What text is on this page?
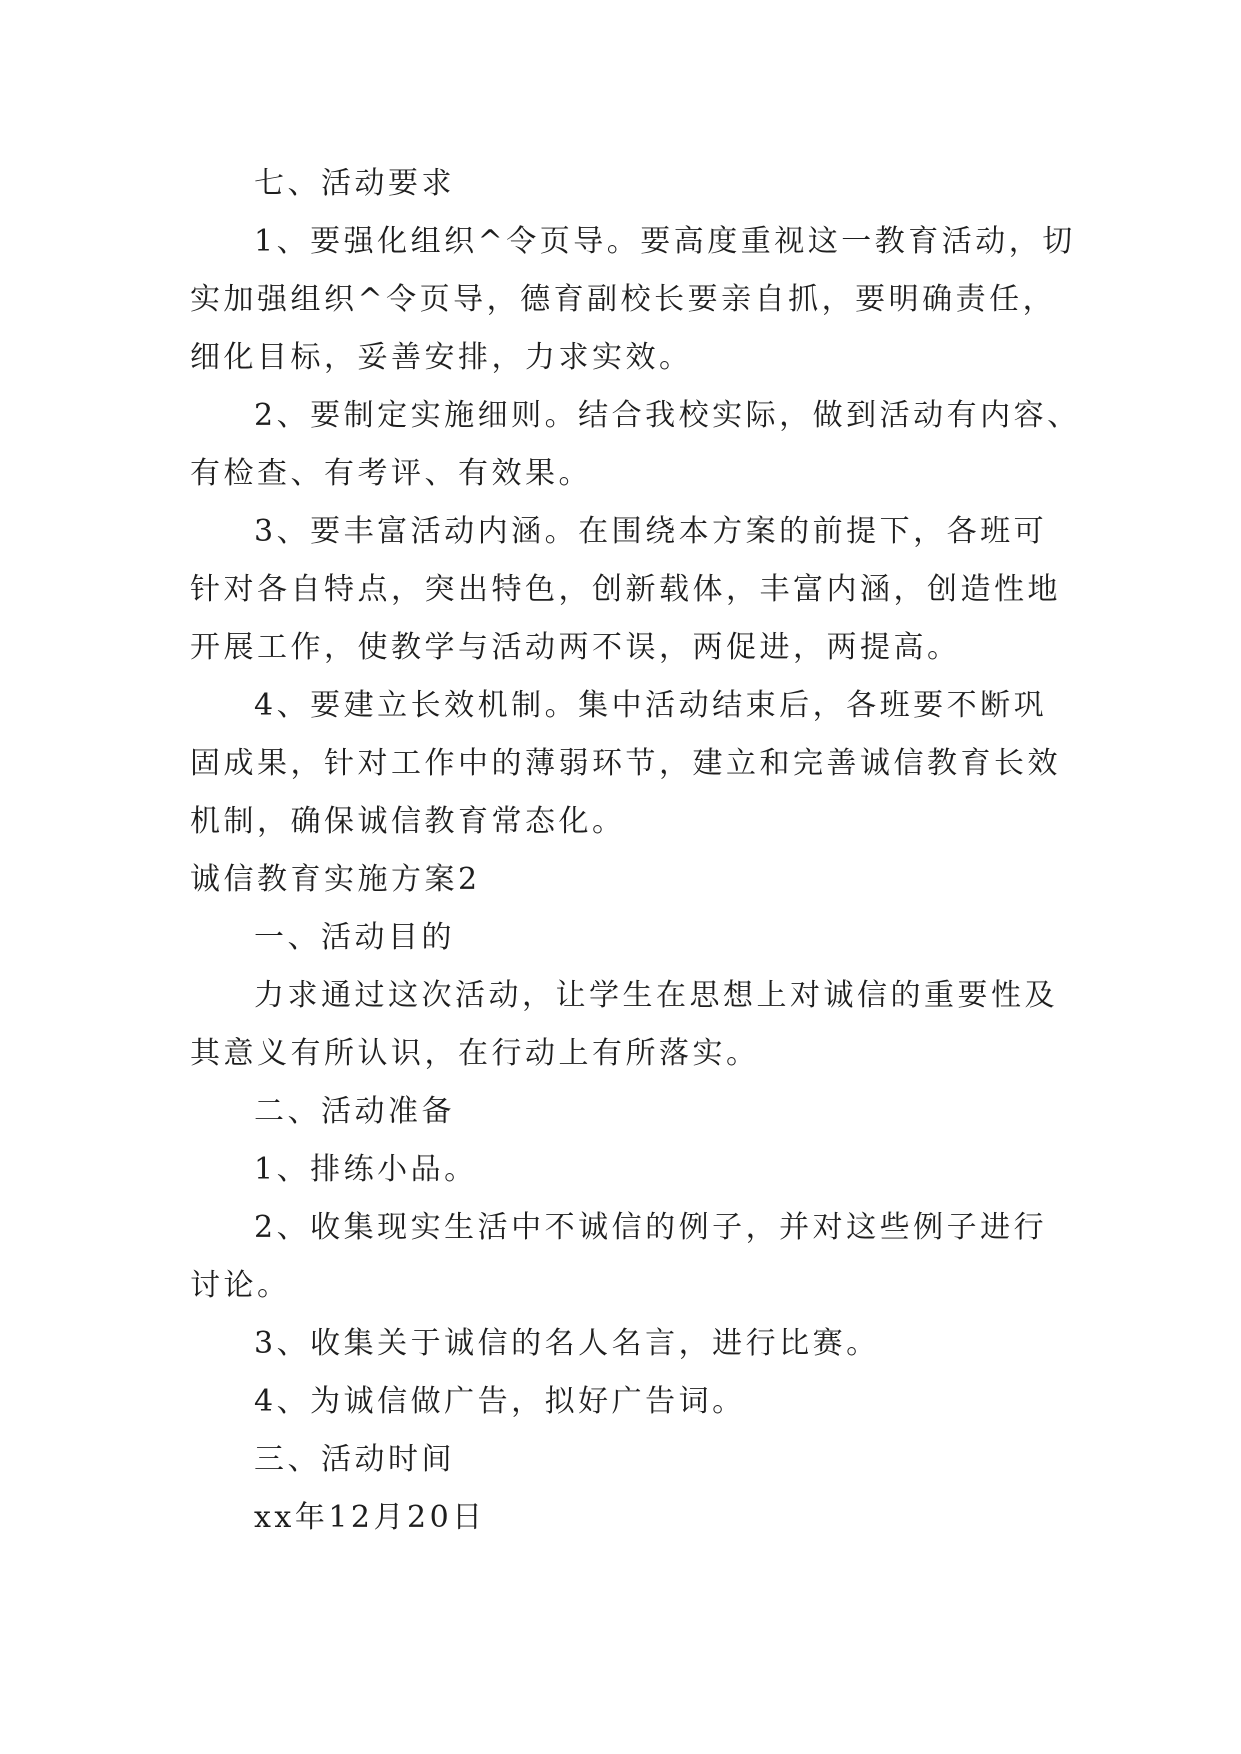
七、活动要求
1、要强化组织^令页导。要高度重视这一教育活动，切
实加强组织^令页导，德育副校长要亲自抓，要明确责任，
细化目标，妥善安排，力求实效。
2、要制定实施细则。结合我校实际，做到活动有内容、
有检查、有考评、有效果。
3、要丰富活动内涵。在围绕本方案的前提下，各班可
针对各自特点，突出特色，创新载体，丰富内涵，创造性地
开展工作，使教学与活动两不误，两促进，两提高。
4、要建立长效机制。集中活动结束后，各班要不断巩
固成果，针对工作中的薄弱环节，建立和完善诚信教育长效
机制，确保诚信教育常态化。
诚信教育实施方案2
一、活动目的
力求通过这次活动，让学生在思想上对诚信的重要性及
其意义有所认识，在行动上有所落实。
二、活动准备
1、排练小品。
2、收集现实生活中不诚信的例子，并对这些例子进行
讨论。
3、收集关于诚信的名人名言，进行比赛。
4、为诚信做广告，拟好广告词。
三、活动时间
xx年12月20日
